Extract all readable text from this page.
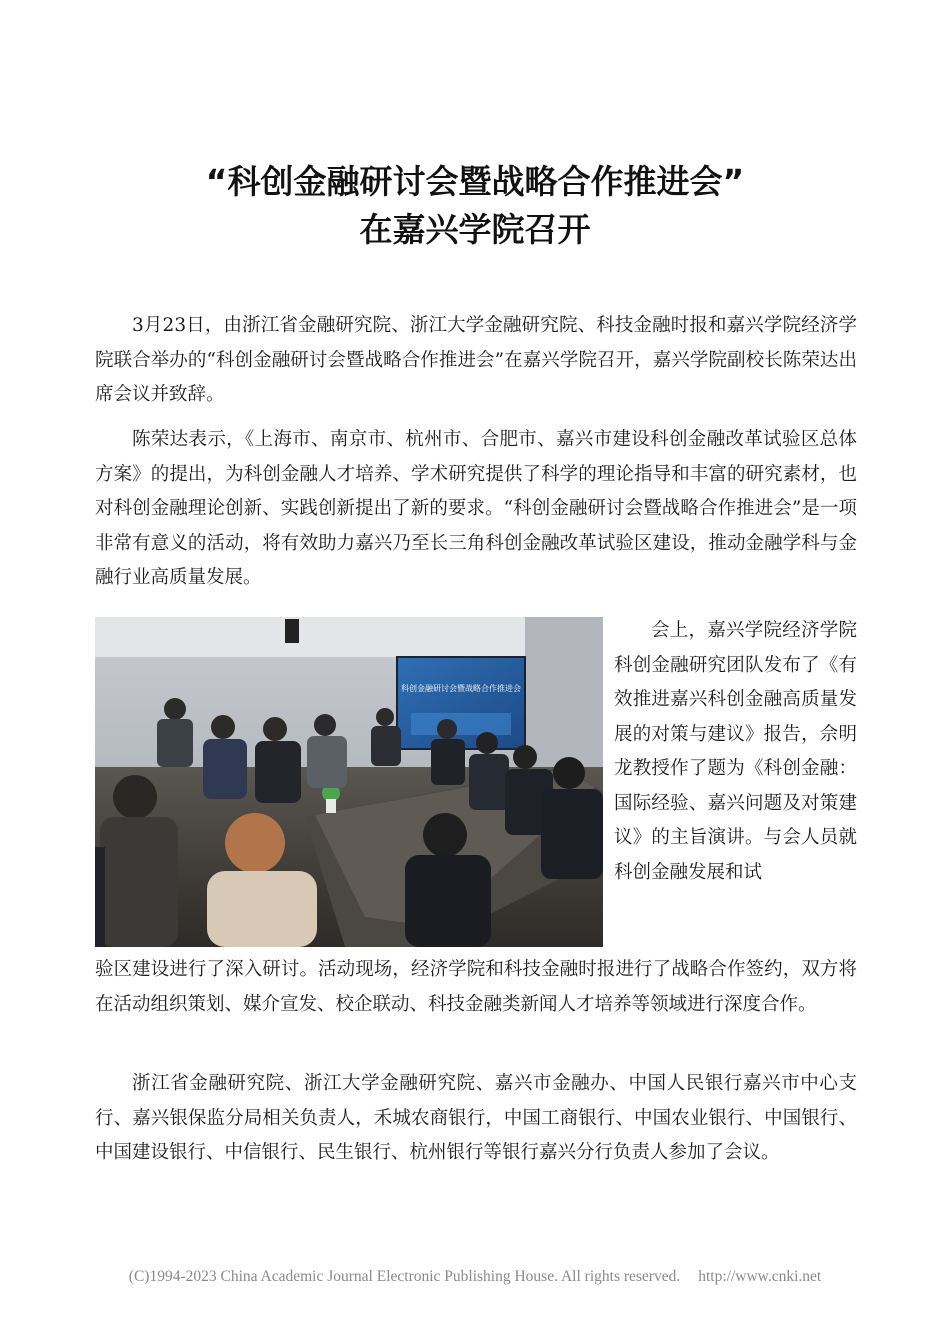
“科创金融研讨会暨战略合作推进会”
在嘉兴学院召开
3月23日，由浙江省金融研究院、浙江大学金融研究院、科技金融时报和嘉兴学院经济学院联合举办的“科创金融研讨会暨战略合作推进会”在嘉兴学院召开，嘉兴学院副校长陈荣达出席会议并致辞。
陈荣达表示，《上海市、南京市、杭州市、合肥市、嘉兴市建设科创金融改革试验区总体方案》的提出，为科创金融人才培养、学术研究提供了科学的理论指导和丰富的研究素材，也对科创金融理论创新、实践创新提出了新的要求。“科创金融研讨会暨战略合作推进会”是一项非常有意义的活动，将有效助力嘉兴乃至长三角科创金融改革试验区建设，推动金融学科与金融行业高质量发展。
科创金融研讨会暨战略合作推进会
会上，嘉兴学院经济学院科创金融研究团队发布了《有效推进嘉兴科创金融高质量发展的对策与建议》报告，佘明龙教授作了题为《科创金融：国际经验、嘉兴问题及对策建议》的主旨演讲。与会人员就科创金融发展和试
验区建设进行了深入研讨。活动现场，经济学院和科技金融时报进行了战略合作签约，双方将在活动组织策划、媒介宣发、校企联动、科技金融类新闻人才培养等领域进行深度合作。
浙江省金融研究院、浙江大学金融研究院、嘉兴市金融办、中国人民银行嘉兴市中心支行、嘉兴银保监分局相关负责人，禾城农商银行，中国工商银行、中国农业银行、中国银行、中国建设银行、中信银行、民生银行、杭州银行等银行嘉兴分行负责人参加了会议。
(C)1994-2023 China Academic Journal Electronic Publishing House. All rights reserved. http://www.cnki.net
